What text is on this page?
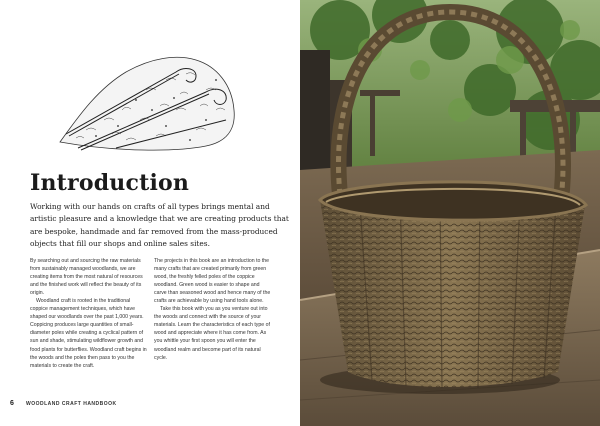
Introduction

Working with our hands on crafts of all types brings mental and artistic pleasure and a knowledge that we are creating products that are bespoke, handmade and far removed from the mass-produced objects that fill our shops and online sales sites.

By searching out and sourcing the raw materials from sustainably managed woodlands, we are creating items from the most natural of resources and the finished work will reflect the beauty of its origin.

Woodland craft is rooted in the traditional coppice management techniques, which have shaped our woodlands over the past 1,000 years. Coppicing produces large quantities of small-diameter poles while creating a cyclical pattern of sun and shade, stimulating wildflower growth and food plants for butterflies. Woodland craft begins in the woods and the poles then pass to you the materials to create the craft.

The projects in this book are an introduction to the many crafts that are created primarily from green wood, the freshly felled poles of the coppice woodland. Green wood is easier to shape and carve than seasoned wood and hence many of the crafts are achievable by using hand tools alone.

Take this book with you as you venture out into the woods and connect with the source of your materials. Learn the characteristics of each type of wood and appreciate where it has come from. As you whittle your first spoon you will enter the woodland realm and become part of its natural cycle.

6 WOODLAND CRAFT HANDBOOK
